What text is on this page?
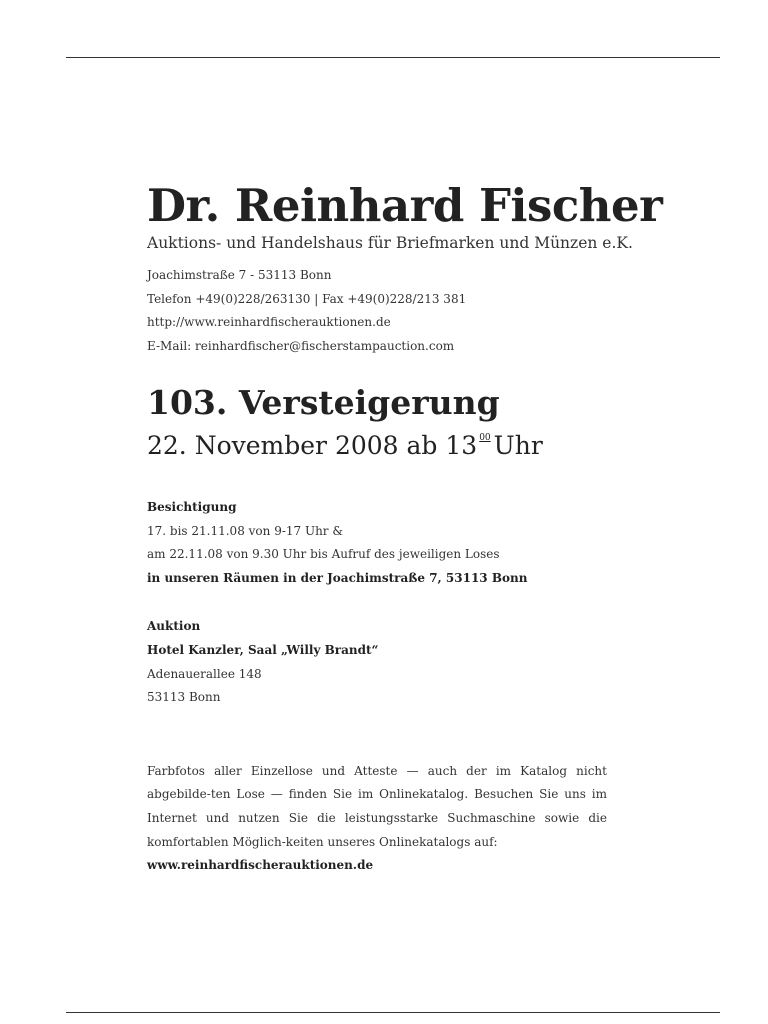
Dr. Reinhard Fischer
Auktions- und Handelshaus für Briefmarken und Münzen e.K.
Joachimstraße 7 - 53113 Bonn
Telefon +49(0)228/263130 | Fax +49(0)228/213 381
http://www.reinhardfischerauktionen.de
E-Mail: reinhardfischer@fischerstampauction.com
103. Versteigerung
22. November 2008 ab 13 $^{00}$ Uhr
Besichtigung
17. bis 21.11.08 von 9-17 Uhr &
am 22.11.08 von 9.30 Uhr bis Aufruf des jeweiligen Loses
in unseren Räumen in der Joachimstraße 7, 53113 Bonn
Auktion
Hotel Kanzler, Saal „Willy Brandt“
Adenauerallee 148
53113 Bonn

Farbfotos aller Einzellose und Atteste — auch der im Katalog nicht abgebilde-ten Lose — finden Sie im Onlinekatalog. Besuchen Sie uns im Internet und nutzen Sie die leistungsstarke Suchmaschine sowie die komfortablen Möglich-keiten unseres Onlinekatalogs auf:

www.reinhardfischerauktionen.de
